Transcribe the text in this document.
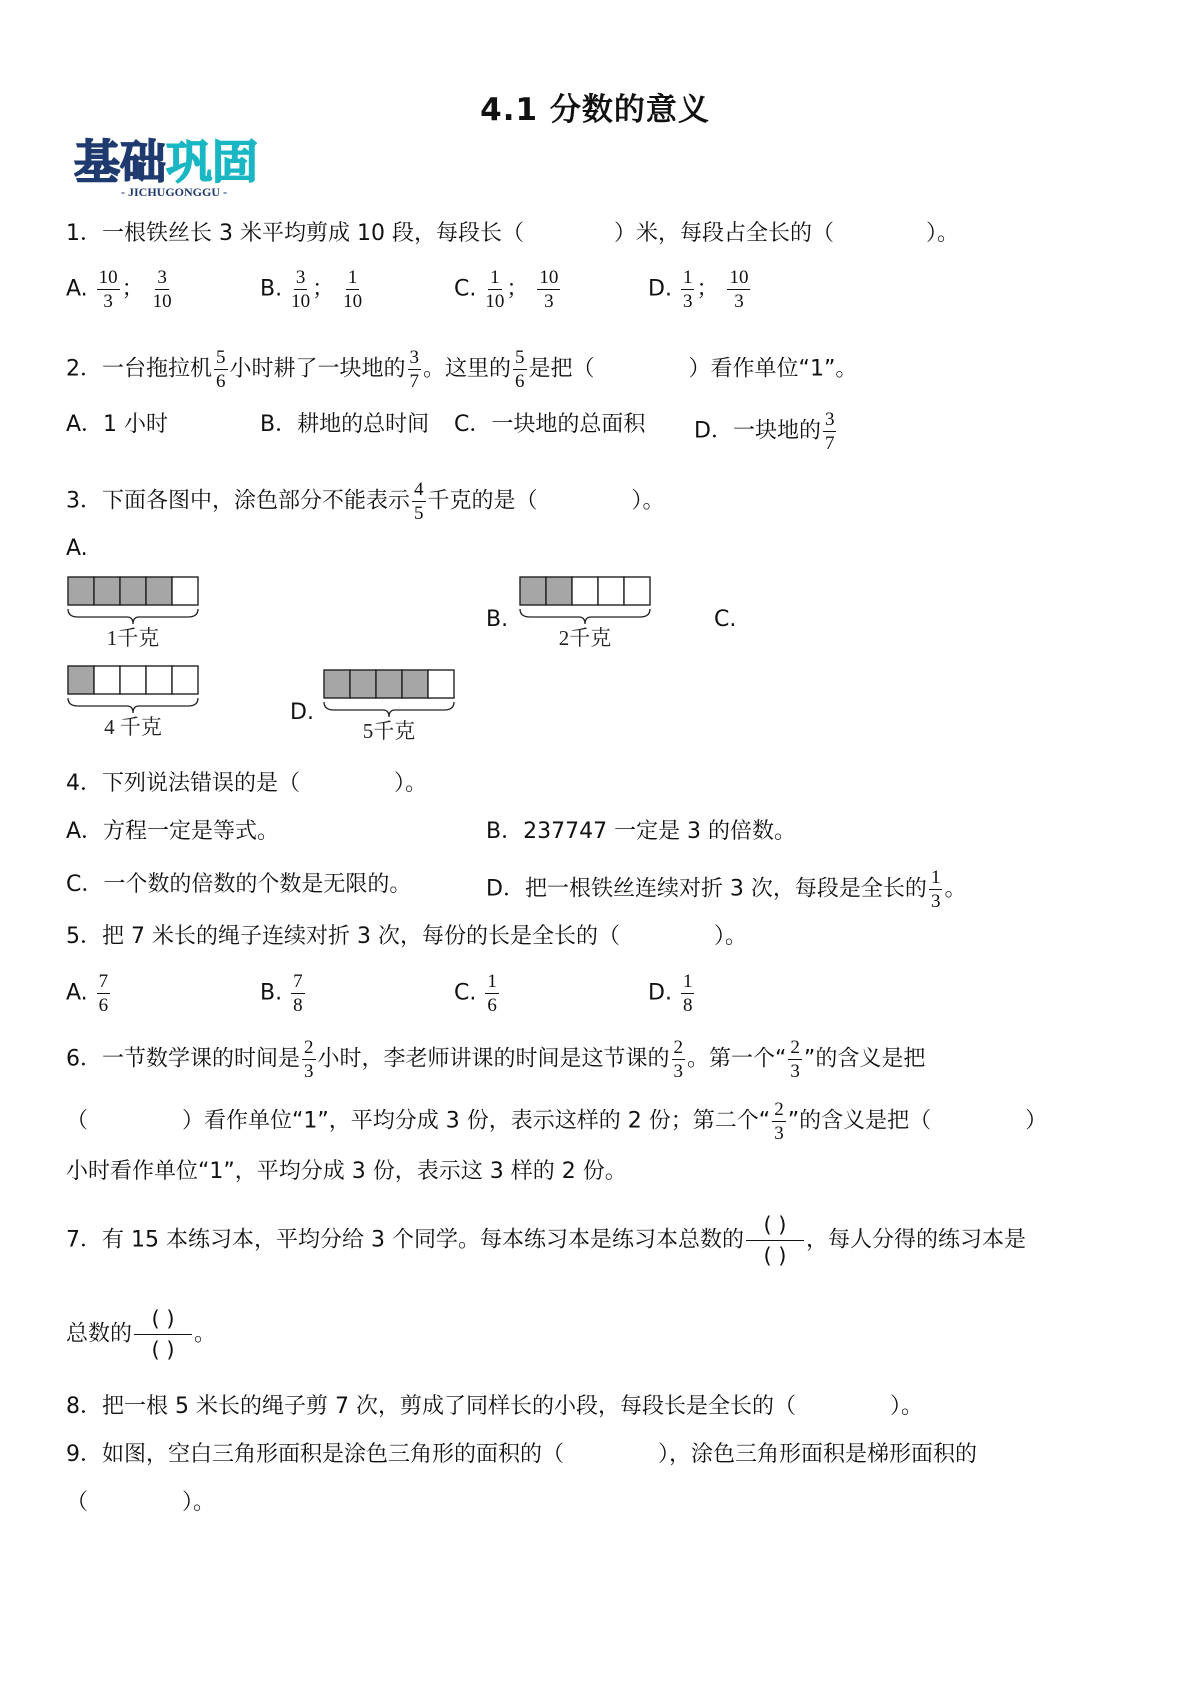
4.1 分数的意义
基础巩固
- JICHUGONGGU -
1．一根铁丝长 3 米平均剪成 10 段，每段长（	）米，每段占全长的（	）。
A. $\frac{10}{3}$ ； $\frac{3}{10}$	B. $\frac{3}{10}$ ； $\frac{1}{10}$	C. $\frac{1}{10}$ ； $\frac{10}{3}$	D. $\frac{1}{3}$ ； $\frac{10}{3}$
2．一台拖拉机 $\frac{5}{6}$ 小时耕了一块地的 $\frac{3}{7}$ 。这里的 $\frac{5}{6}$ 是把（	）看作单位“1”。
A．1 小时	B．耕地的总时间 C．一块地的总面积 D．一块地的 $\frac{3}{7}$
3．下面各图中，涂色部分不能表示 $\frac{4}{5}$ 千克的是（	）。
A.
B.	C.
D.
1千克	2千克
4 千克	5千克
4．下列说法错误的是（	）。
A．方程一定是等式。	B．237747 一定是 3 的倍数。
C．一个数的倍数的个数是无限的。	D．把一根铁丝连续对折 3 次，每段是全长的 $\frac{1}{3}$ 。
5．把 7 米长的绳子连续对折 3 次，每份的长是全长的（	）。
A. $\frac{7}{6}$	B. $\frac{7}{8}$	C. $\frac{1}{6}$	D. $\frac{1}{8}$
6．一节数学课的时间是 $\frac{2}{3}$ 小时，李老师讲课的时间是这节课的 $\frac{2}{3}$ 。第一个“ $\frac{2}{3}$ ”的含义是把
（	）看作单位“1”，平均分成 3 份，表示这样的 2 份；第二个“ $\frac{2}{3}$ ”的含义是把（	）
小时看作单位“1”，平均分成 3 份，表示这 3 样的 2 份。
7．有 15 本练习本，平均分给 3 个同学。每本练习本是练习本总数的 $\frac{( )}{( )}$ ，每人分得的练习本是
总数的 $\frac{( )}{( )}$ 。
8．把一根 5 米长的绳子剪 7 次，剪成了同样长的小段，每段长是全长的（	）。
9．如图，空白三角形面积是涂色三角形的面积的（	），涂色三角形面积是梯形面积的
（	）。
